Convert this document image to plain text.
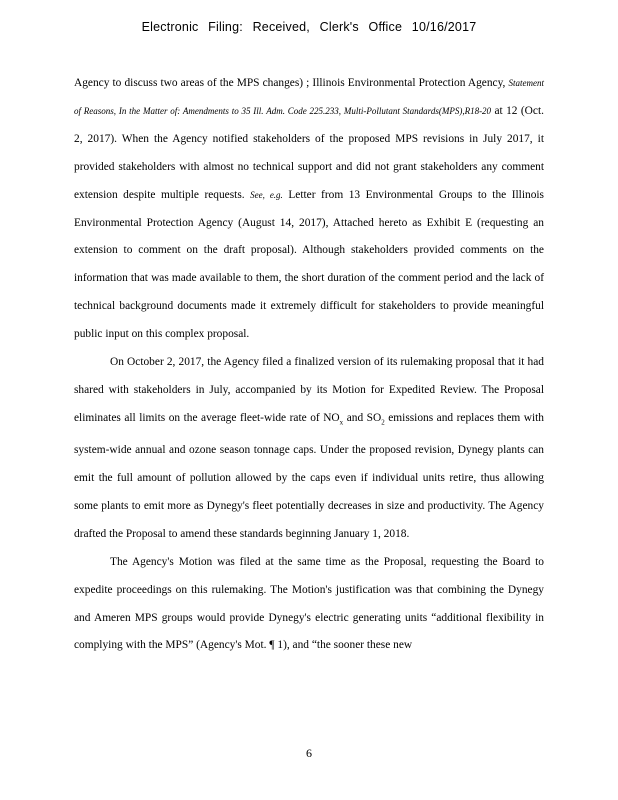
Electronic Filing: Received, Clerk's Office 10/16/2017

Agency to discuss two areas of the MPS changes) ; Illinois Environmental Protection Agency, Statement of Reasons, In the Matter of: Amendments to 35 Ill. Adm. Code 225.233, Multi-Pollutant Standards(MPS),R18-20 at 12 (Oct. 2, 2017). When the Agency notified stakeholders of the proposed MPS revisions in July 2017, it provided stakeholders with almost no technical support and did not grant stakeholders any comment extension despite multiple requests. See, e.g. Letter from 13 Environmental Groups to the Illinois Environmental Protection Agency (August 14, 2017), Attached hereto as Exhibit E (requesting an extension to comment on the draft proposal). Although stakeholders provided comments on the information that was made available to them, the short duration of the comment period and the lack of technical background documents made it extremely difficult for stakeholders to provide meaningful public input on this complex proposal.

On October 2, 2017, the Agency filed a finalized version of its rulemaking proposal that it had shared with stakeholders in July, accompanied by its Motion for Expedited Review. The Proposal eliminates all limits on the average fleet-wide rate of $NO_x$ and $SO_2$ emissions and replaces them with system-wide annual and ozone season tonnage caps. Under the proposed revision, Dynegy plants can emit the full amount of pollution allowed by the caps even if individual units retire, thus allowing some plants to emit more as Dynegy's fleet potentially decreases in size and productivity. The Agency drafted the Proposal to amend these standards beginning January 1, 2018.

The Agency's Motion was filed at the same time as the Proposal, requesting the Board to expedite proceedings on this rulemaking. The Motion's justification was that combining the Dynegy and Ameren MPS groups would provide Dynegy's electric generating units “additional flexibility in complying with the MPS” (Agency's Mot. ¶ 1), and “the sooner these new

6
